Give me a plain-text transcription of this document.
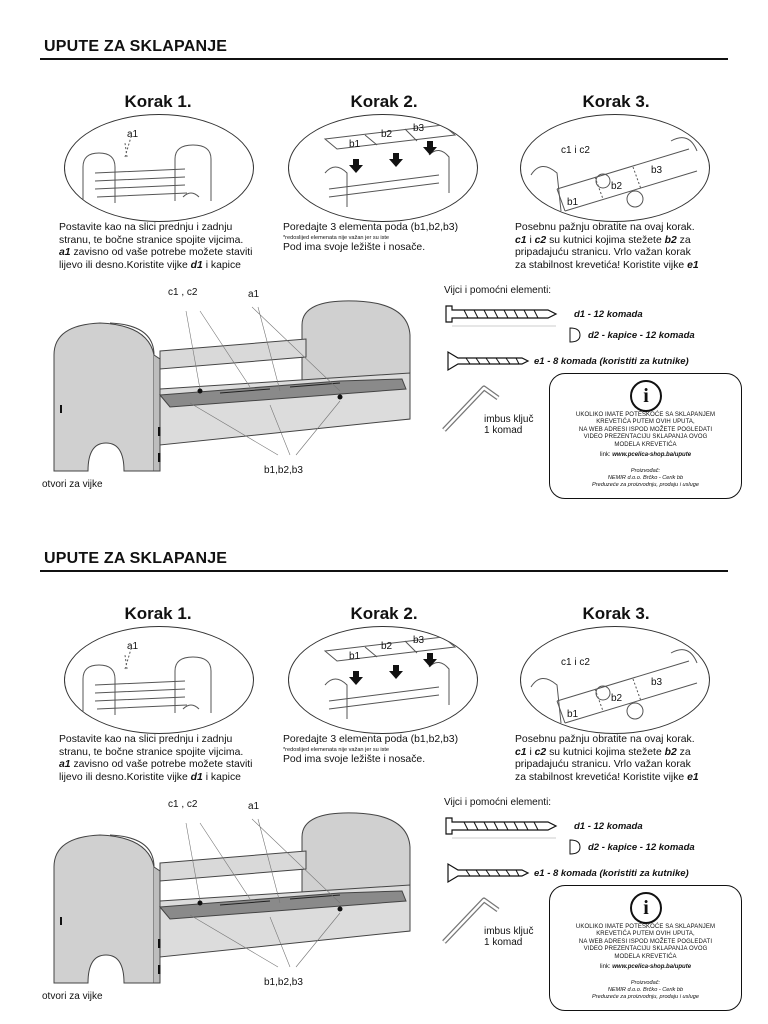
UPUTE ZA SKLAPANJE
Korak 1.
a1
Postavite kao na slici prednju i zadnju
stranu, te bočne stranice spojite vijcima.
a1 zavisno od vaše potrebe možete staviti
lijevo ili desno.Koristite vijke d1 i kapice
Korak 2.
b1
b2
b3
Poredajte 3 elementa poda (b1,b2,b3)
*redoslijed elemenata nije važan jer su iste
Pod ima svoje ležište i nosače.
Korak 3.
c1 i c2
b3
b2
b1
Posebnu pažnju obratite na ovaj korak.
c1 i c2 su kutnici kojima stežete b2 za
pripadajuću stranicu. Vrlo važan korak
za stabilnost krevetića! Koristite vijke e1
c1 , c2	a1
b1,b2,b3
otvori za vijke
Vijci i pomoćni elementi:
d1 - 12 komada
d2 - kapice - 12 komada
e1 - 8 komada (koristiti za kutnike)
imbus ključ
1 komad
i
UKOLIKO IMATE POTEŠKOĆE SA SKLAPANJEM
KREVETIĆA PUTEM OVIH UPUTA,
NA WEB ADRESI ISPOD MOŽETE POGLEDATI
VIDEO PREZENTACIJU SKLAPANJA OVOG
MODELA KREVETIĆA
link: www.pcelica-shop.ba/upute
Proizvođač:
NEMIR d.o.o. Brčko - Cerik bb
Preduzeće za proizvodnju, prodaju i usluge
UPUTE ZA SKLAPANJE
Korak 1.
a1
Postavite kao na slici prednju i zadnju
stranu, te bočne stranice spojite vijcima.
a1 zavisno od vaše potrebe možete staviti
lijevo ili desno.Koristite vijke d1 i kapice
Korak 2.
b1
b2
b3
Poredajte 3 elementa poda (b1,b2,b3)
*redoslijed elemenata nije važan jer su iste
Pod ima svoje ležište i nosače.
Korak 3.
c1 i c2
b3
b2
b1
Posebnu pažnju obratite na ovaj korak.
c1 i c2 su kutnici kojima stežete b2 za
pripadajuću stranicu. Vrlo važan korak
za stabilnost krevetića! Koristite vijke e1
c1 , c2	a1
b1,b2,b3
otvori za vijke
Vijci i pomoćni elementi:
d1 - 12 komada
d2 - kapice - 12 komada
e1 - 8 komada (koristiti za kutnike)
imbus ključ
1 komad
i
UKOLIKO IMATE POTEŠKOĆE SA SKLAPANJEM
KREVETIĆA PUTEM OVIH UPUTA,
NA WEB ADRESI ISPOD MOŽETE POGLEDATI
VIDEO PREZENTACIJU SKLAPANJA OVOG
MODELA KREVETIĆA
link: www.pcelica-shop.ba/upute
Proizvođač:
NEMIR d.o.o. Brčko - Cerik bb
Preduzeće za proizvodnju, prodaju i usluge
